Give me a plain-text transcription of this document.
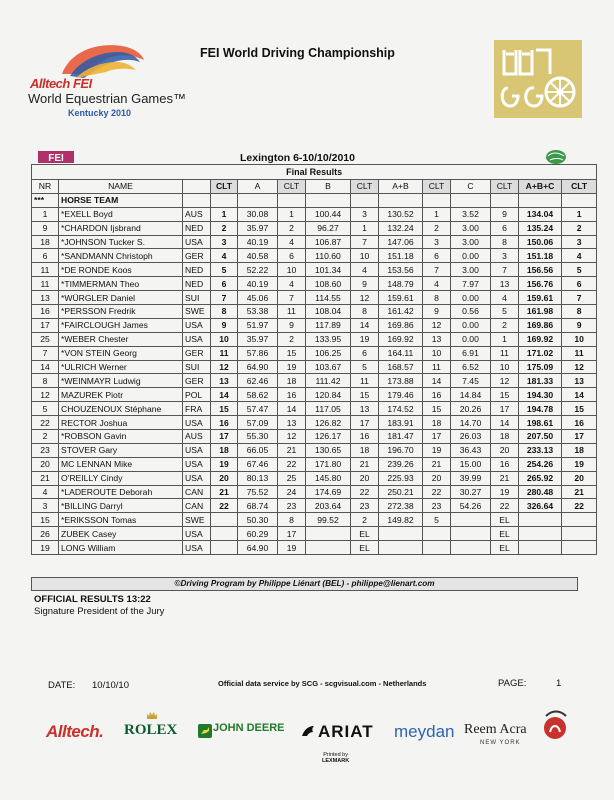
Alltech FEI
World Equestrian Games™
Kentucky 2010
FEI World Driving Championship
FEI	Lexington 6-10/10/2010
Final Results													
NR	NAME		CLT	A	CLT	B	CLT	A+B	CLT	C	CLT	A+B+C	CLT
***	HORSE TEAM												
1	*EXELL Boyd	AUS	1	30.08	1	100.44	3	130.52	1	3.52	9	134.04	1
9	*CHARDON Ijsbrand	NED	2	35.97	2	96.27	1	132.24	2	3.00	6	135.24	2
18	*JOHNSON Tucker S.	USA	3	40.19	4	106.87	7	147.06	3	3.00	8	150.06	3
6	*SANDMANN Christoph	GER	4	40.58	6	110.60	10	151.18	6	0.00	3	151.18	4
11	*DE RONDE Koos	NED	5	52.22	10	101.34	4	153.56	7	3.00	7	156.56	5
11	*TIMMERMAN Theo	NED	6	40.19	4	108.60	9	148.79	4	7.97	13	156.76	6
13	*WÜRGLER Daniel	SUI	7	45.06	7	114.55	12	159.61	8	0.00	4	159.61	7
16	*PERSSON Fredrik	SWE	8	53.38	11	108.04	8	161.42	9	0.56	5	161.98	8
17	*FAIRCLOUGH James	USA	9	51.97	9	117.89	14	169.86	12	0.00	2	169.86	9
25	*WEBER Chester	USA	10	35.97	2	133.95	19	169.92	13	0.00	1	169.92	10
7	*VON STEIN Georg	GER	11	57.86	15	106.25	6	164.11	10	6.91	11	171.02	11
14	*ULRICH Werner	SUI	12	64.90	19	103.67	5	168.57	11	6.52	10	175.09	12
8	*WEINMAYR Ludwig	GER	13	62.46	18	111.42	11	173.88	14	7.45	12	181.33	13
12	MAZUREK Piotr	POL	14	58.62	16	120.84	15	179.46	16	14.84	15	194.30	14
5	CHOUZENOUX Stéphane	FRA	15	57.47	14	117.05	13	174.52	15	20.26	17	194.78	15
22	RECTOR Joshua	USA	16	57.09	13	126.82	17	183.91	18	14.70	14	198.61	16
2	*ROBSON Gavin	AUS	17	55.30	12	126.17	16	181.47	17	26.03	18	207.50	17
23	STOVER Gary	USA	18	66.05	21	130.65	18	196.70	19	36.43	20	233.13	18
20	MC LENNAN Mike	USA	19	67.46	22	171.80	21	239.26	21	15.00	16	254.26	19
21	O'REILLY Cindy	USA	20	80.13	25	145.80	20	225.93	20	39.99	21	265.92	20
4	*LADEROUTE Deborah	CAN	21	75.52	24	174.69	22	250.21	22	30.27	19	280.48	21
3	*BILLING Darryl	CAN	22	68.74	23	203.64	23	272.38	23	54.26	22	326.64	22
15	*ERIKSSON Tomas	SWE		50.30	8	99.52	2	149.82	5		EL		
26	ZUBEK Casey	USA		60.29	17		EL				EL		
19	LONG William	USA		64.90	19		EL				EL		
©Driving Program by Philippe Liénart (BEL) - philippe@lienart.com
OFFICIAL RESULTS 13:22
Signature President of the Jury
DATE: 10/10/10	Official data service by SCG - scgvisual.com - Netherlands	PAGE:	1
Alltech. ROLEX	JOHN DEERE ARIAT
Printed by
LEXMARK
meydan Reem Acra
NEW YORK
